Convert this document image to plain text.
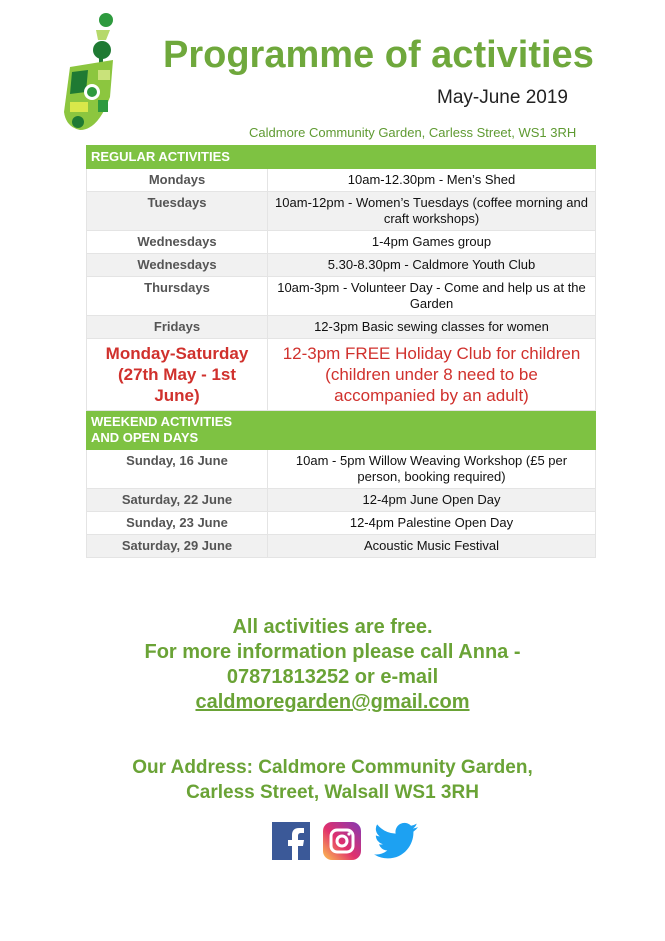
Programme of activities
May-June 2019
Caldmore Community Garden, Carless Street, WS1 3RH
REGULAR ACTIVITIES	
Mondays	10am-12.30pm - Men’s Shed
Tuesdays	10am-12pm - Women’s Tuesdays (coffee morning and craft workshops)
Wednesdays	1-4pm Games group
Wednesdays	5.30-8.30pm - Caldmore Youth Club
Thursdays	10am-3pm - Volunteer Day - Come and help us at the Garden
Fridays	12-3pm Basic sewing classes for women
Monday-Saturday (27th May - 1st June)	12-3pm FREE Holiday Club for children (children under 8 need to be accompanied by an adult)
WEEKEND ACTIVITIES AND OPEN DAYS	
Sunday, 16 June	10am - 5pm Willow Weaving Workshop (£5 per person, booking required)
Saturday, 22 June	12-4pm June Open Day
Sunday, 23 June	12-4pm Palestine Open Day
Saturday, 29 June	Acoustic Music Festival
All activities are free.
For more information please call Anna -
07871813252 or e-mail
caldmoregarden@gmail.com
Our Address: Caldmore Community Garden,
Carless Street, Walsall WS1 3RH
